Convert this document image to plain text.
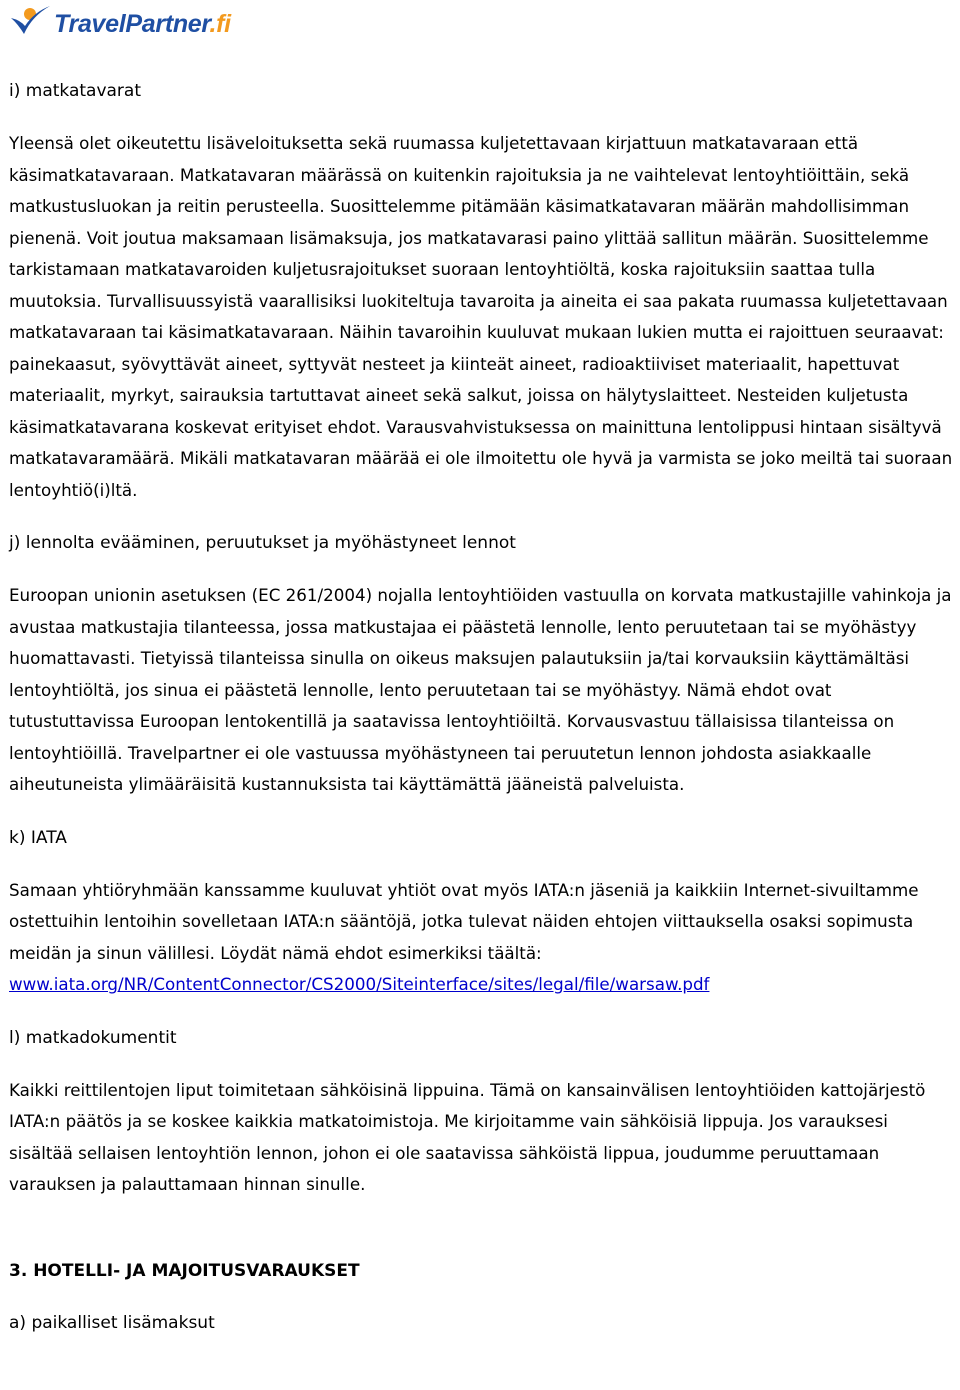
TravelPartner.fi

i) matkatavarat

Yleensä olet oikeutettu lisäveloituksetta sekä ruumassa kuljetettavaan kirjattuun matkatavaraan että käsimatkatavaraan. Matkatavaran määrässä on kuitenkin rajoituksia ja ne vaihtelevat lentoyhtiöittäin, sekä matkustusluokan ja reitin perusteella. Suosittelemme pitämään käsimatkatavaran määrän mahdollisimman pienenä. Voit joutua maksamaan lisämaksuja, jos matkatavarasi paino ylittää sallitun määrän. Suosittelemme tarkistamaan matkatavaroiden kuljetusrajoitukset suoraan lentoyhtiöltä, koska rajoituksiin saattaa tulla muutoksia. Turvallisuussyistä vaarallisiksi luokiteltuja tavaroita ja aineita ei saa pakata ruumassa kuljetettavaan matkatavaraan tai käsimatkatavaraan. Näihin tavaroihin kuuluvat mukaan lukien mutta ei rajoittuen seuraavat: painekaasut, syövyttävät aineet, syttyvät nesteet ja kiinteät aineet, radioaktiiviset materiaalit, hapettuvat materiaalit, myrkyt, sairauksia tartuttavat aineet sekä salkut, joissa on hälytyslaitteet. Nesteiden kuljetusta käsimatkatavarana koskevat erityiset ehdot. Varausvahvistuksessa on mainittuna lentolippusi hintaan sisältyvä matkatavaramäärä. Mikäli matkatavaran määrää ei ole ilmoitettu ole hyvä ja varmista se joko meiltä tai suoraan lentoyhtiö(i)ltä.

j) lennolta evääminen, peruutukset ja myöhästyneet lennot

Euroopan unionin asetuksen (EC 261/2004) nojalla lentoyhtiöiden vastuulla on korvata matkustajille vahinkoja ja avustaa matkustajia tilanteessa, jossa matkustajaa ei päästetä lennolle, lento peruutetaan tai se myöhästyy huomattavasti. Tietyissä tilanteissa sinulla on oikeus maksujen palautuksiin ja/tai korvauksiin käyttämältäsi lentoyhtiöltä, jos sinua ei päästetä lennolle, lento peruutetaan tai se myöhästyy. Nämä ehdot ovat tutustuttavissa Euroopan lentokentillä ja saatavissa lentoyhtiöiltä. Korvausvastuu tällaisissa tilanteissa on lentoyhtiöillä. Travelpartner ei ole vastuussa myöhästyneen tai peruutetun lennon johdosta asiakkaalle aiheutuneista ylimääräisitä kustannuksista tai käyttämättä jääneistä palveluista.

k) IATA

Samaan yhtiöryhmään kanssamme kuuluvat yhtiöt ovat myös IATA:n jäseniä ja kaikkiin Internet-sivuiltamme ostettuihin lentoihin sovelletaan IATA:n sääntöjä, jotka tulevat näiden ehtojen viittauksella osaksi sopimusta meidän ja sinun välillesi. Löydät nämä ehdot esimerkiksi täältä: www.iata.org/NR/ContentConnector/CS2000/Siteinterface/sites/legal/file/warsaw.pdf

l) matkadokumentit

Kaikki reittilentojen liput toimitetaan sähköisinä lippuina. Tämä on kansainvälisen lentoyhtiöiden kattojärjestö IATA:n päätös ja se koskee kaikkia matkatoimistoja. Me kirjoitamme vain sähköisiä lippuja. Jos varauksesi sisältää sellaisen lentoyhtiön lennon, johon ei ole saatavissa sähköistä lippua, joudumme peruuttamaan varauksen ja palauttamaan hinnan sinulle.

3. HOTELLI- JA MAJOITUSVARAUKSET

a) paikalliset lisämaksut
